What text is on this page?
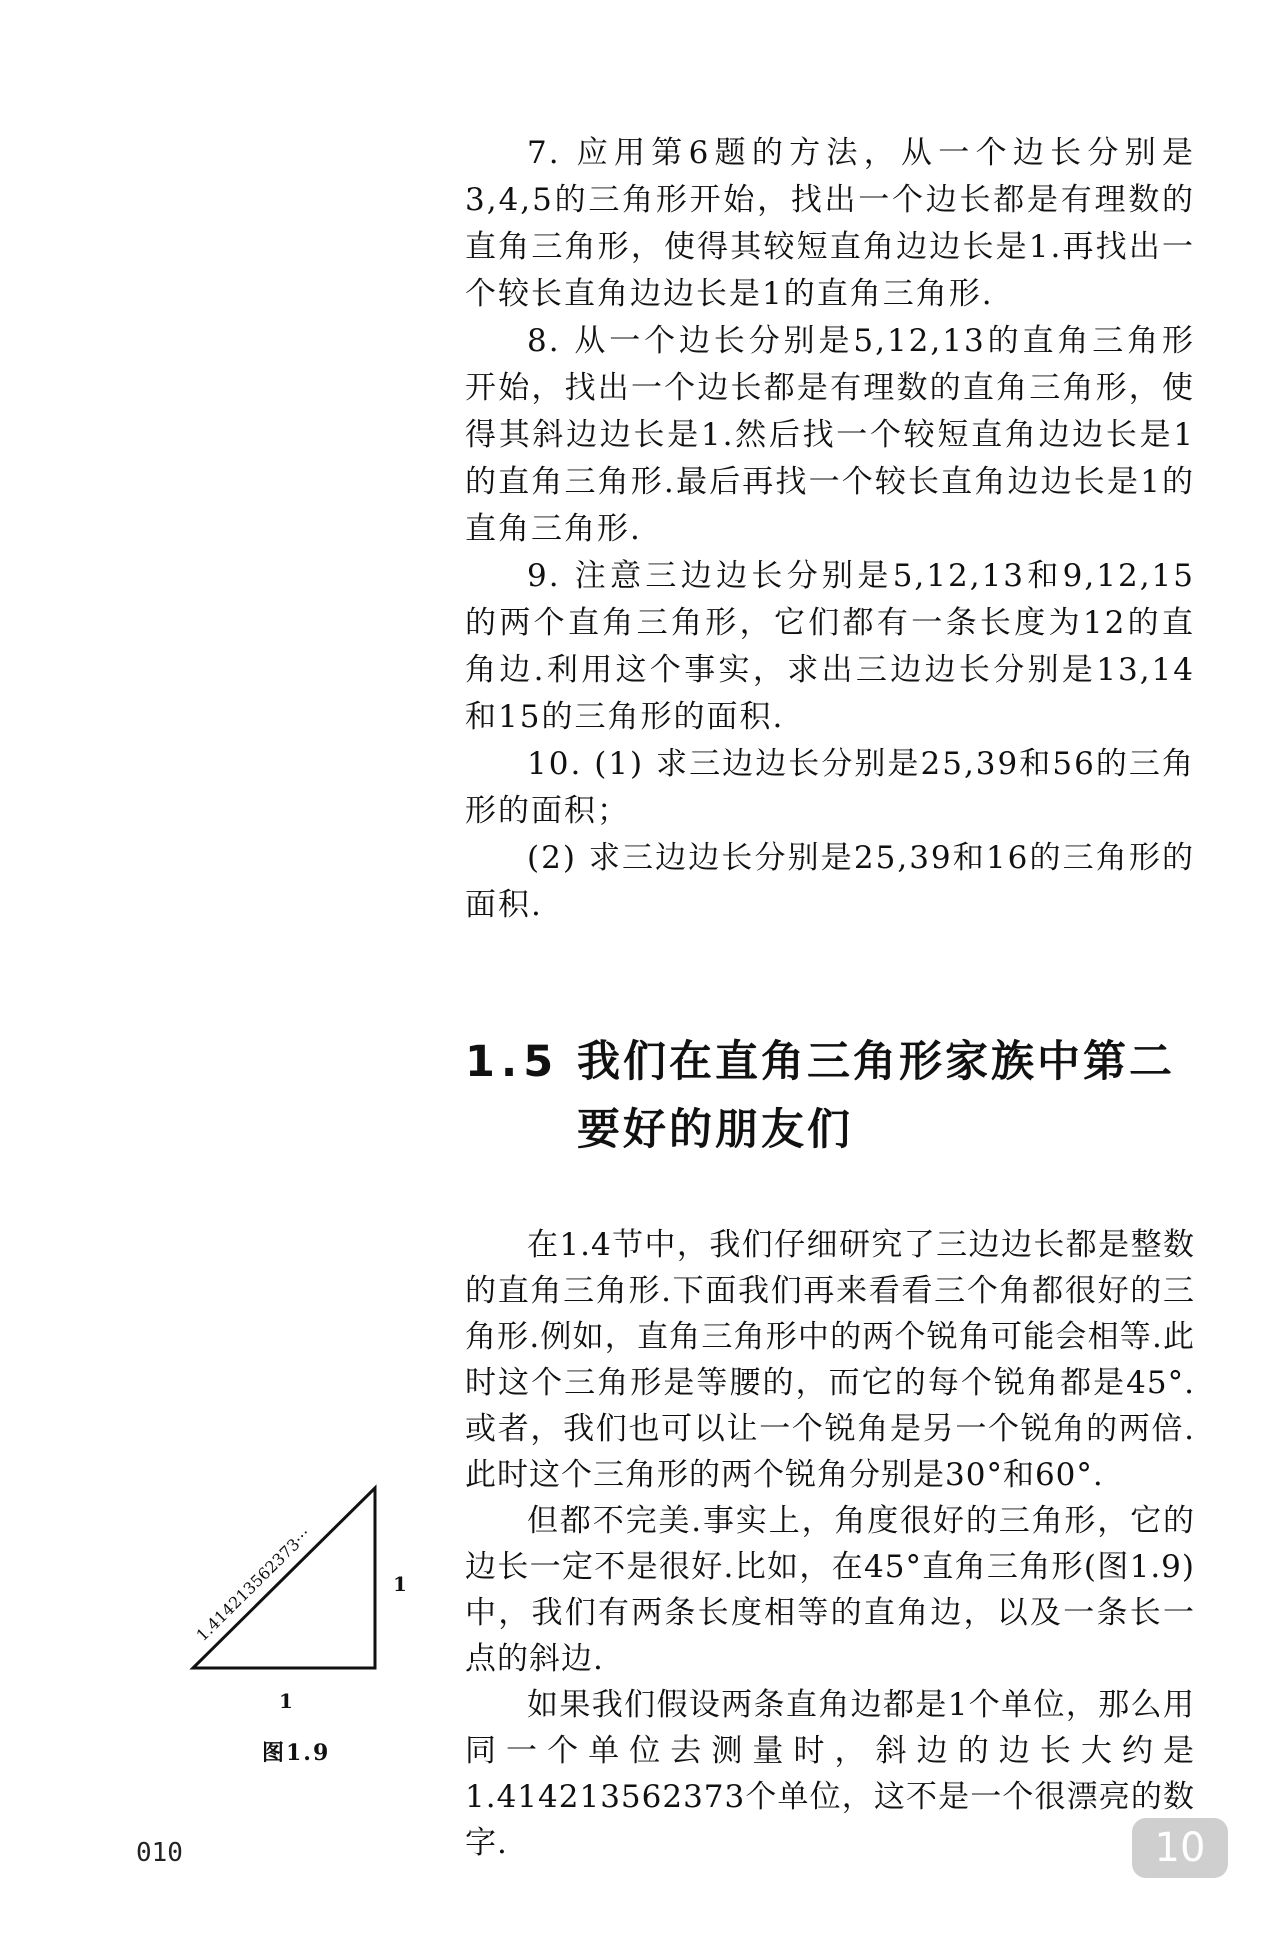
7. 应用第6题的方法，从一个边长分别是3,4,5的三角形开始，找出一个边长都是有理数的直角三角形，使得其较短直角边边长是1.再找出一个较长直角边边长是1的直角三角形.

8. 从一个边长分别是5,12,13的直角三角形开始，找出一个边长都是有理数的直角三角形，使得其斜边边长是1.然后找一个较短直角边边长是1的直角三角形.最后再找一个较长直角边边长是1的直角三角形.

9. 注意三边边长分别是5,12,13和9,12,15的两个直角三角形，它们都有一条长度为12的直角边.利用这个事实，求出三边边长分别是13,14和15的三角形的面积.

10. (1) 求三边边长分别是25,39和56的三角形的面积；

(2) 求三边边长分别是25,39和16的三角形的面积.

1.5 我们在直角三角形家族中第二要好的朋友们

在1.4节中，我们仔细研究了三边边长都是整数的直角三角形.下面我们再来看看三个角都很好的三角形.例如，直角三角形中的两个锐角可能会相等.此时这个三角形是等腰的，而它的每个锐角都是45°.或者，我们也可以让一个锐角是另一个锐角的两倍.此时这个三角形的两个锐角分别是30°和60°.

但都不完美.事实上，角度很好的三角形，它的边长一定不是很好.比如，在45°直角三角形(图1.9)中，我们有两条长度相等的直角边，以及一条长一点的斜边.

如果我们假设两条直角边都是1个单位，那么用同一个单位去测量时，斜边的边长大约是1.414213562373个单位，这不是一个很漂亮的数字.

1.414213562373···	1
1
图1.9
010	10
